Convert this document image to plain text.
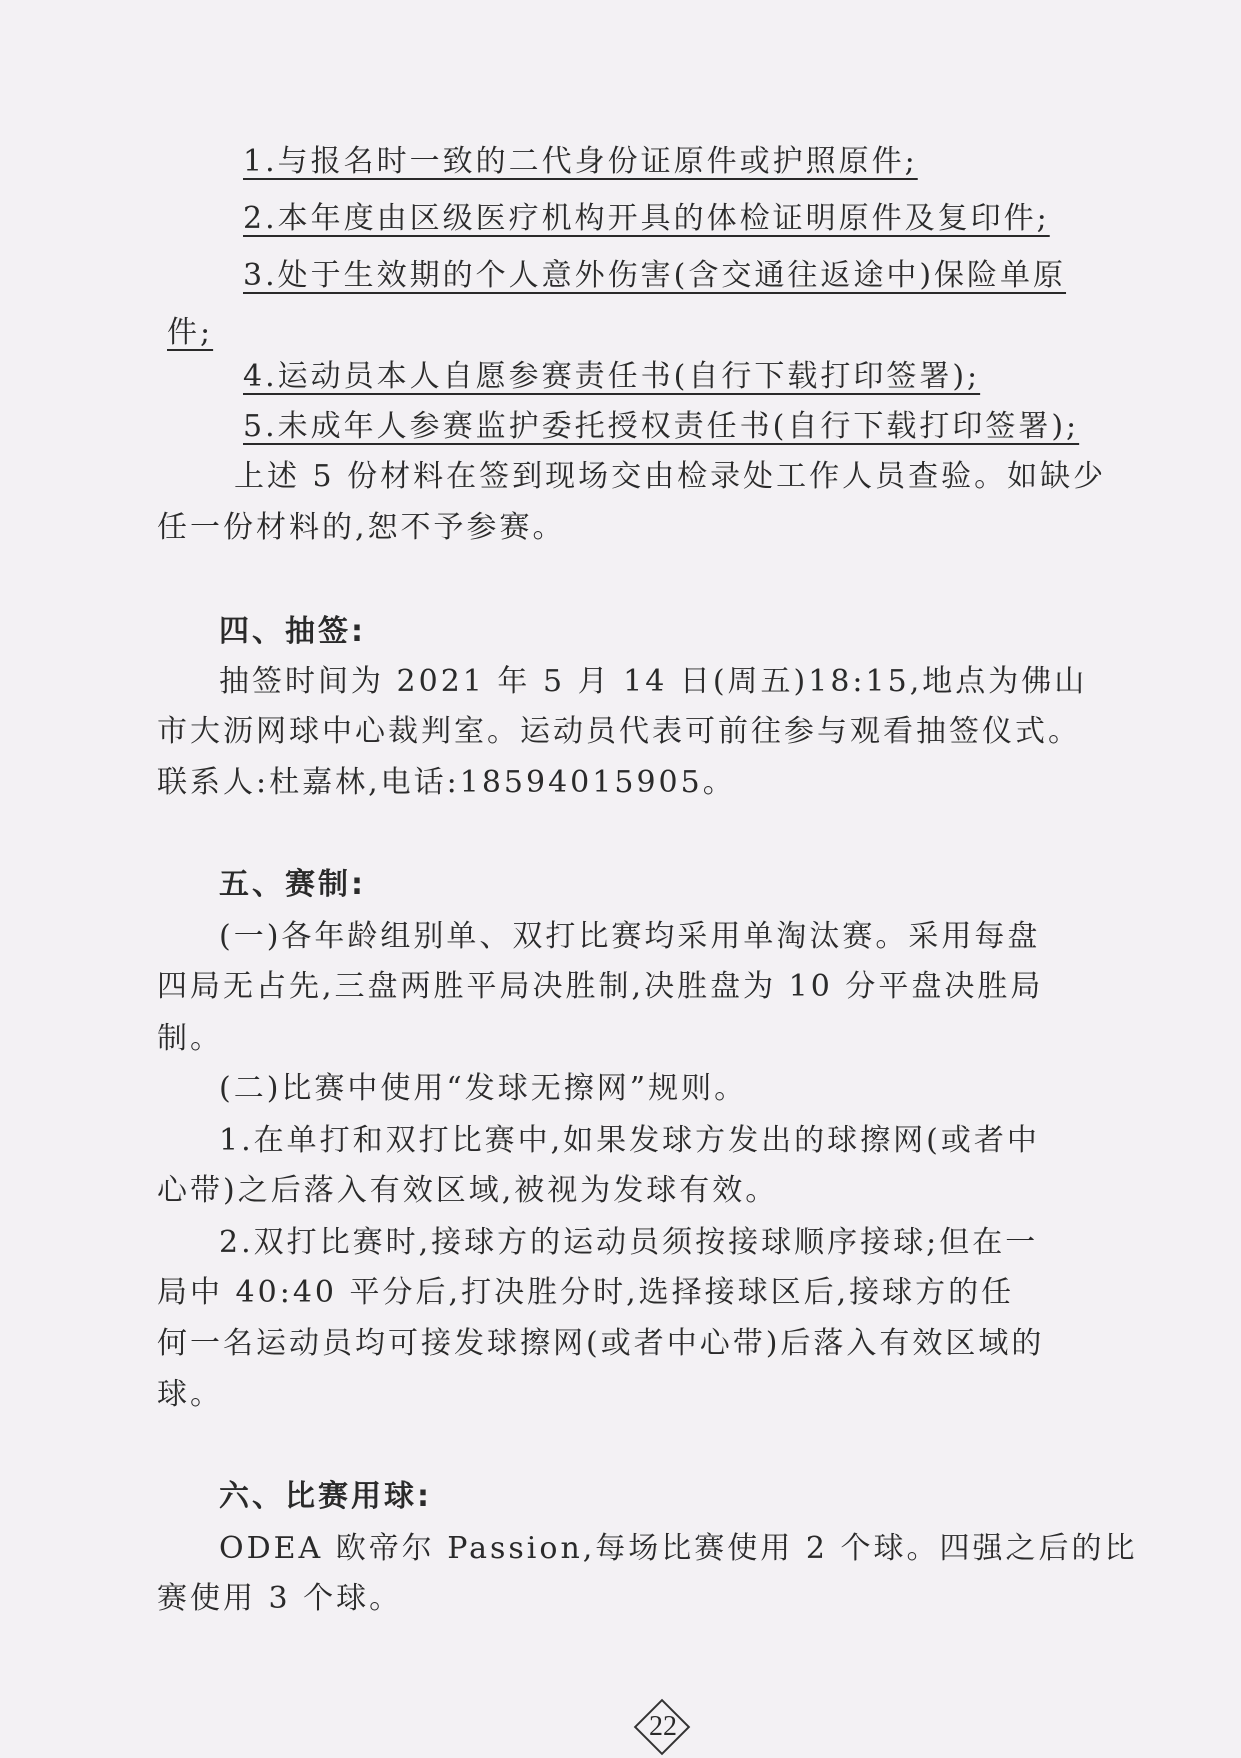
1.与报名时一致的二代身份证原件或护照原件;
2.本年度由区级医疗机构开具的体检证明原件及复印件;
3.处于生效期的个人意外伤害(含交通往返途中)保险单原
件;
4.运动员本人自愿参赛责任书(自行下载打印签署);
5.未成年人参赛监护委托授权责任书(自行下载打印签署);
上述 5 份材料在签到现场交由检录处工作人员查验。如缺少
任一份材料的,恕不予参赛。
四、抽签:
抽签时间为 2021 年 5 月 14 日(周五)18:15,地点为佛山
市大沥网球中心裁判室。运动员代表可前往参与观看抽签仪式。
联系人:杜嘉林,电话:18594015905。
五、赛制:
(一)各年龄组别单、双打比赛均采用单淘汰赛。采用每盘
四局无占先,三盘两胜平局决胜制,决胜盘为 10 分平盘决胜局
制。
(二)比赛中使用“发球无擦网”规则。
1.在单打和双打比赛中,如果发球方发出的球擦网(或者中
心带)之后落入有效区域,被视为发球有效。
2.双打比赛时,接球方的运动员须按接球顺序接球;但在一
局中 40:40 平分后,打决胜分时,选择接球区后,接球方的任
何一名运动员均可接发球擦网(或者中心带)后落入有效区域的
球。
六、比赛用球:
ODEA 欧帝尔 Passion,每场比赛使用 2 个球。四强之后的比
赛使用 3 个球。
22
